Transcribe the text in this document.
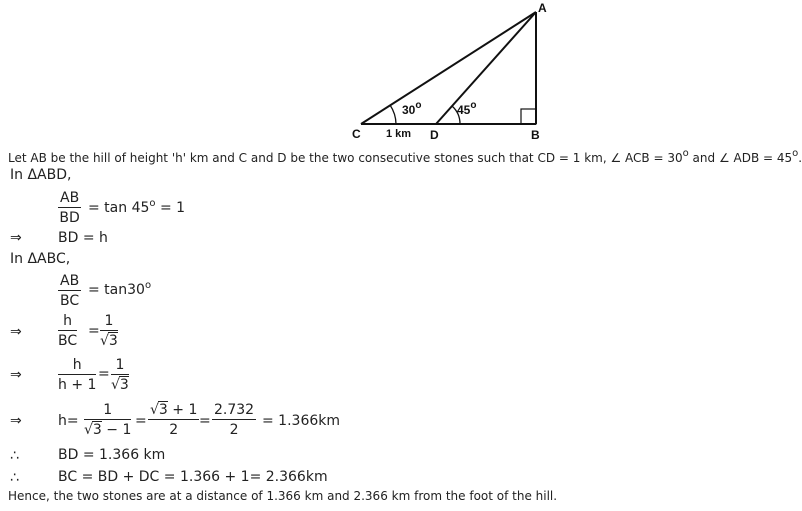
A
B
C	D
1 km
30$^o$	45$^o$
Let AB be the hill of height 'h' km and C and D be the two consecutive stones such that CD = 1 km, ∠ ACB = $30^o$ and ∠ ADB = $45^o$.
In ΔABD,
$\frac{AB}{BD} = \tan 45^o = 1$
⇒	BD = h
In ΔABC,
$\frac{AB}{BC} = \tan 30^o$
⇒	$\frac{h}{BC} = \frac{1}{√3}$
⇒	$\frac{h}{h + 1} = \frac{1}{√3}$
⇒	$h= \frac{1}{√3 - 1} = \frac{√3 + 1}{2} = \frac{2.732}{2} = 1.366km$
∴	BD = 1.366 km
∴	BC = BD + DC = 1.366 + 1= 2.366km
Hence, the two stones are at a distance of 1.366 km and 2.366 km from the foot of the hill.
